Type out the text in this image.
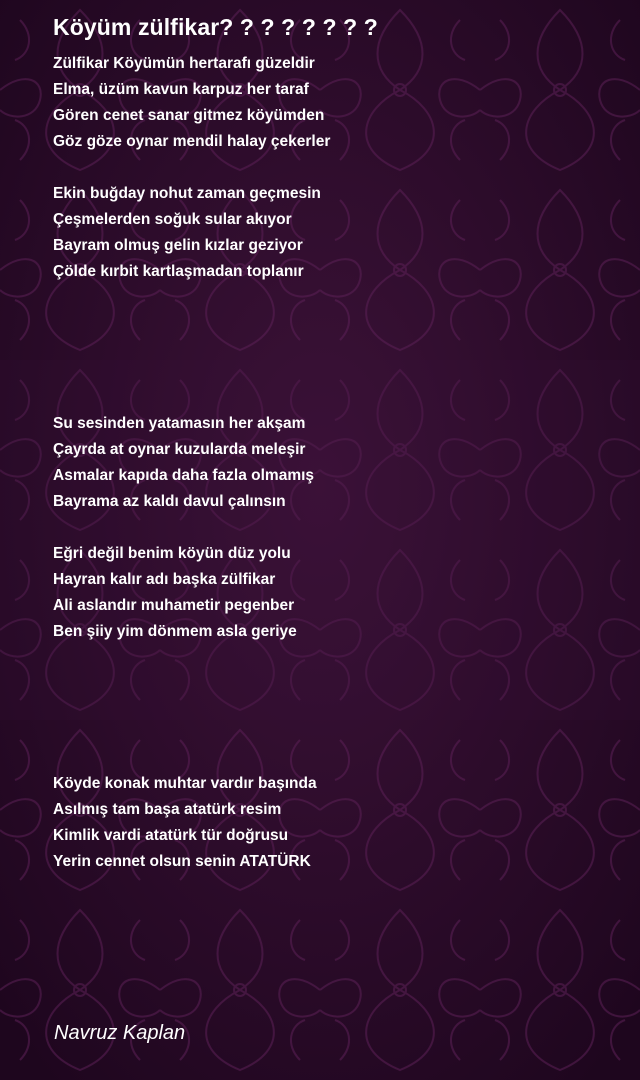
Köyüm zülfikar? ? ? ? ? ? ? ?
Zülfikar Köyümün hertarafı güzeldir
Elma, üzüm kavun karpuz her taraf
Gören cenet sanar gitmez köyümden
Göz göze oynar mendil halay çekerler
Ekin buğday nohut zaman geçmesin
Çeşmelerden soğuk sular akıyor
Bayram olmuş gelin kızlar geziyor
Çölde kırbit kartlaşmadan toplanır
Su sesinden yatamasın her akşam
Çayrda at oynar kuzularda meleşir
Asmalar kapıda daha fazla olmamış
Bayrama az kaldı davul çalınsın
Eğri değil benim köyün düz yolu
Hayran kalır adı başka zülfikar
Ali aslandır muhametir pegenber
Ben şiiy yim dönmem asla geriye
Köyde konak muhtar vardır başında
Asılmış tam başa atatürk resim
Kimlik vardi atatürk tür doğrusu
Yerin cennet olsun senin ATATÜRK
Navruz Kaplan
